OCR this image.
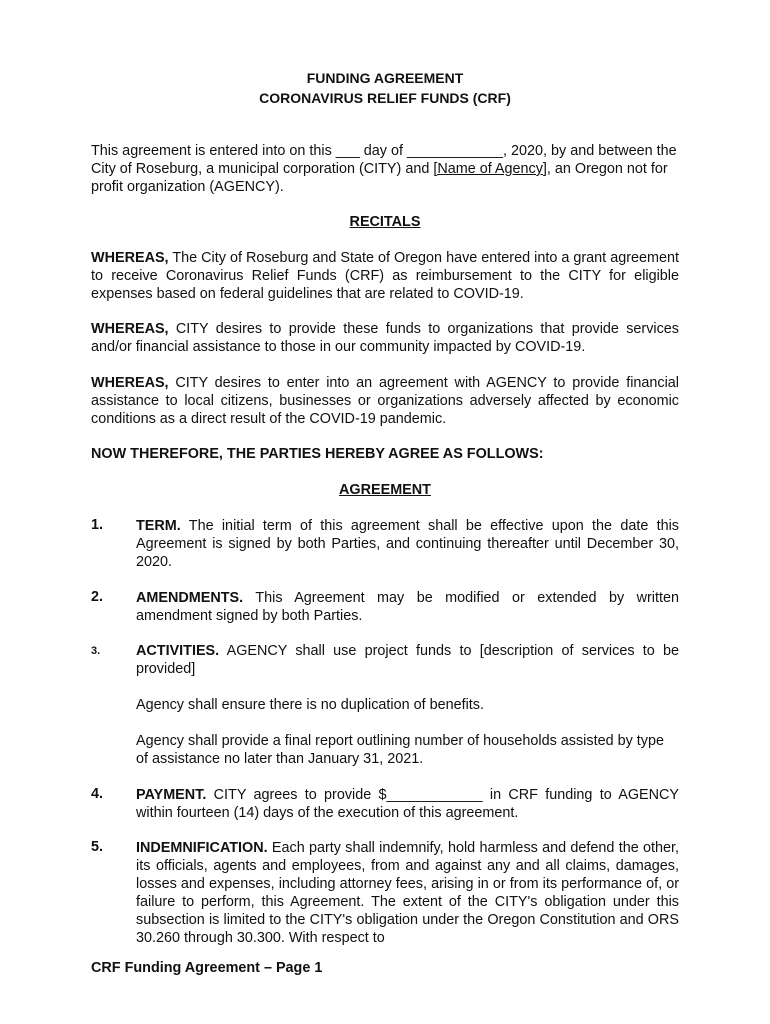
FUNDING AGREEMENT
CORONAVIRUS RELIEF FUNDS (CRF)

This agreement is entered into on this ___ day of ____________, 2020, by and between the City of Roseburg, a municipal corporation (CITY) and [Name of Agency], an Oregon not for profit organization (AGENCY).

RECITALS

WHEREAS, The City of Roseburg and State of Oregon have entered into a grant agreement to receive Coronavirus Relief Funds (CRF) as reimbursement to the CITY for eligible expenses based on federal guidelines that are related to COVID-19.

WHEREAS, CITY desires to provide these funds to organizations that provide services and/or financial assistance to those in our community impacted by COVID-19.

WHEREAS, CITY desires to enter into an agreement with AGENCY to provide financial assistance to local citizens, businesses or organizations adversely affected by economic conditions as a direct result of the COVID-19 pandemic.

NOW THEREFORE, THE PARTIES HEREBY AGREE AS FOLLOWS:
AGREEMENT
1. TERM. The initial term of this agreement shall be effective upon the date this Agreement is signed by both Parties, and continuing thereafter until December 30, 2020.

2. AMENDMENTS. This Agreement may be modified or extended by written amendment signed by both Parties.

3. ACTIVITIES. AGENCY shall use project funds to [description of services to be provided]

Agency shall ensure there is no duplication of benefits.

Agency shall provide a final report outlining number of households assisted by type of assistance no later than January 31, 2021.

4. PAYMENT. CITY agrees to provide $____________ in CRF funding to AGENCY within fourteen (14) days of the execution of this agreement.

5. INDEMNIFICATION. Each party shall indemnify, hold harmless and defend the other, its officials, agents and employees, from and against any and all claims, damages, losses and expenses, including attorney fees, arising in or from its performance of, or failure to perform, this Agreement. The extent of the CITY's obligation under this subsection is limited to the CITY's obligation under the Oregon Constitution and ORS 30.260 through 30.300. With respect to

CRF Funding Agreement – Page 1
